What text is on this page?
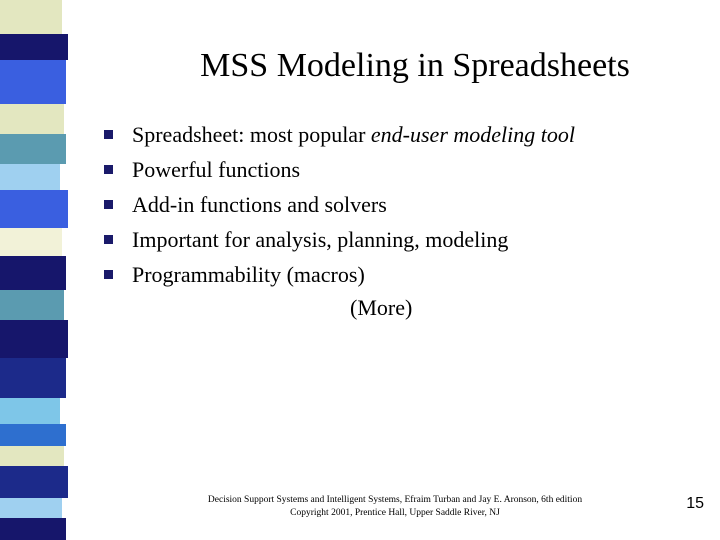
MSS Modeling in Spreadsheets
Spreadsheet: most popular end-user modeling tool
Powerful functions
Add-in functions and solvers
Important for analysis, planning, modeling
Programmability (macros)
(More)
Decision Support Systems and Intelligent Systems, Efraim Turban and Jay E. Aronson, 6th edition
Copyright 2001, Prentice Hall, Upper Saddle River, NJ
15
